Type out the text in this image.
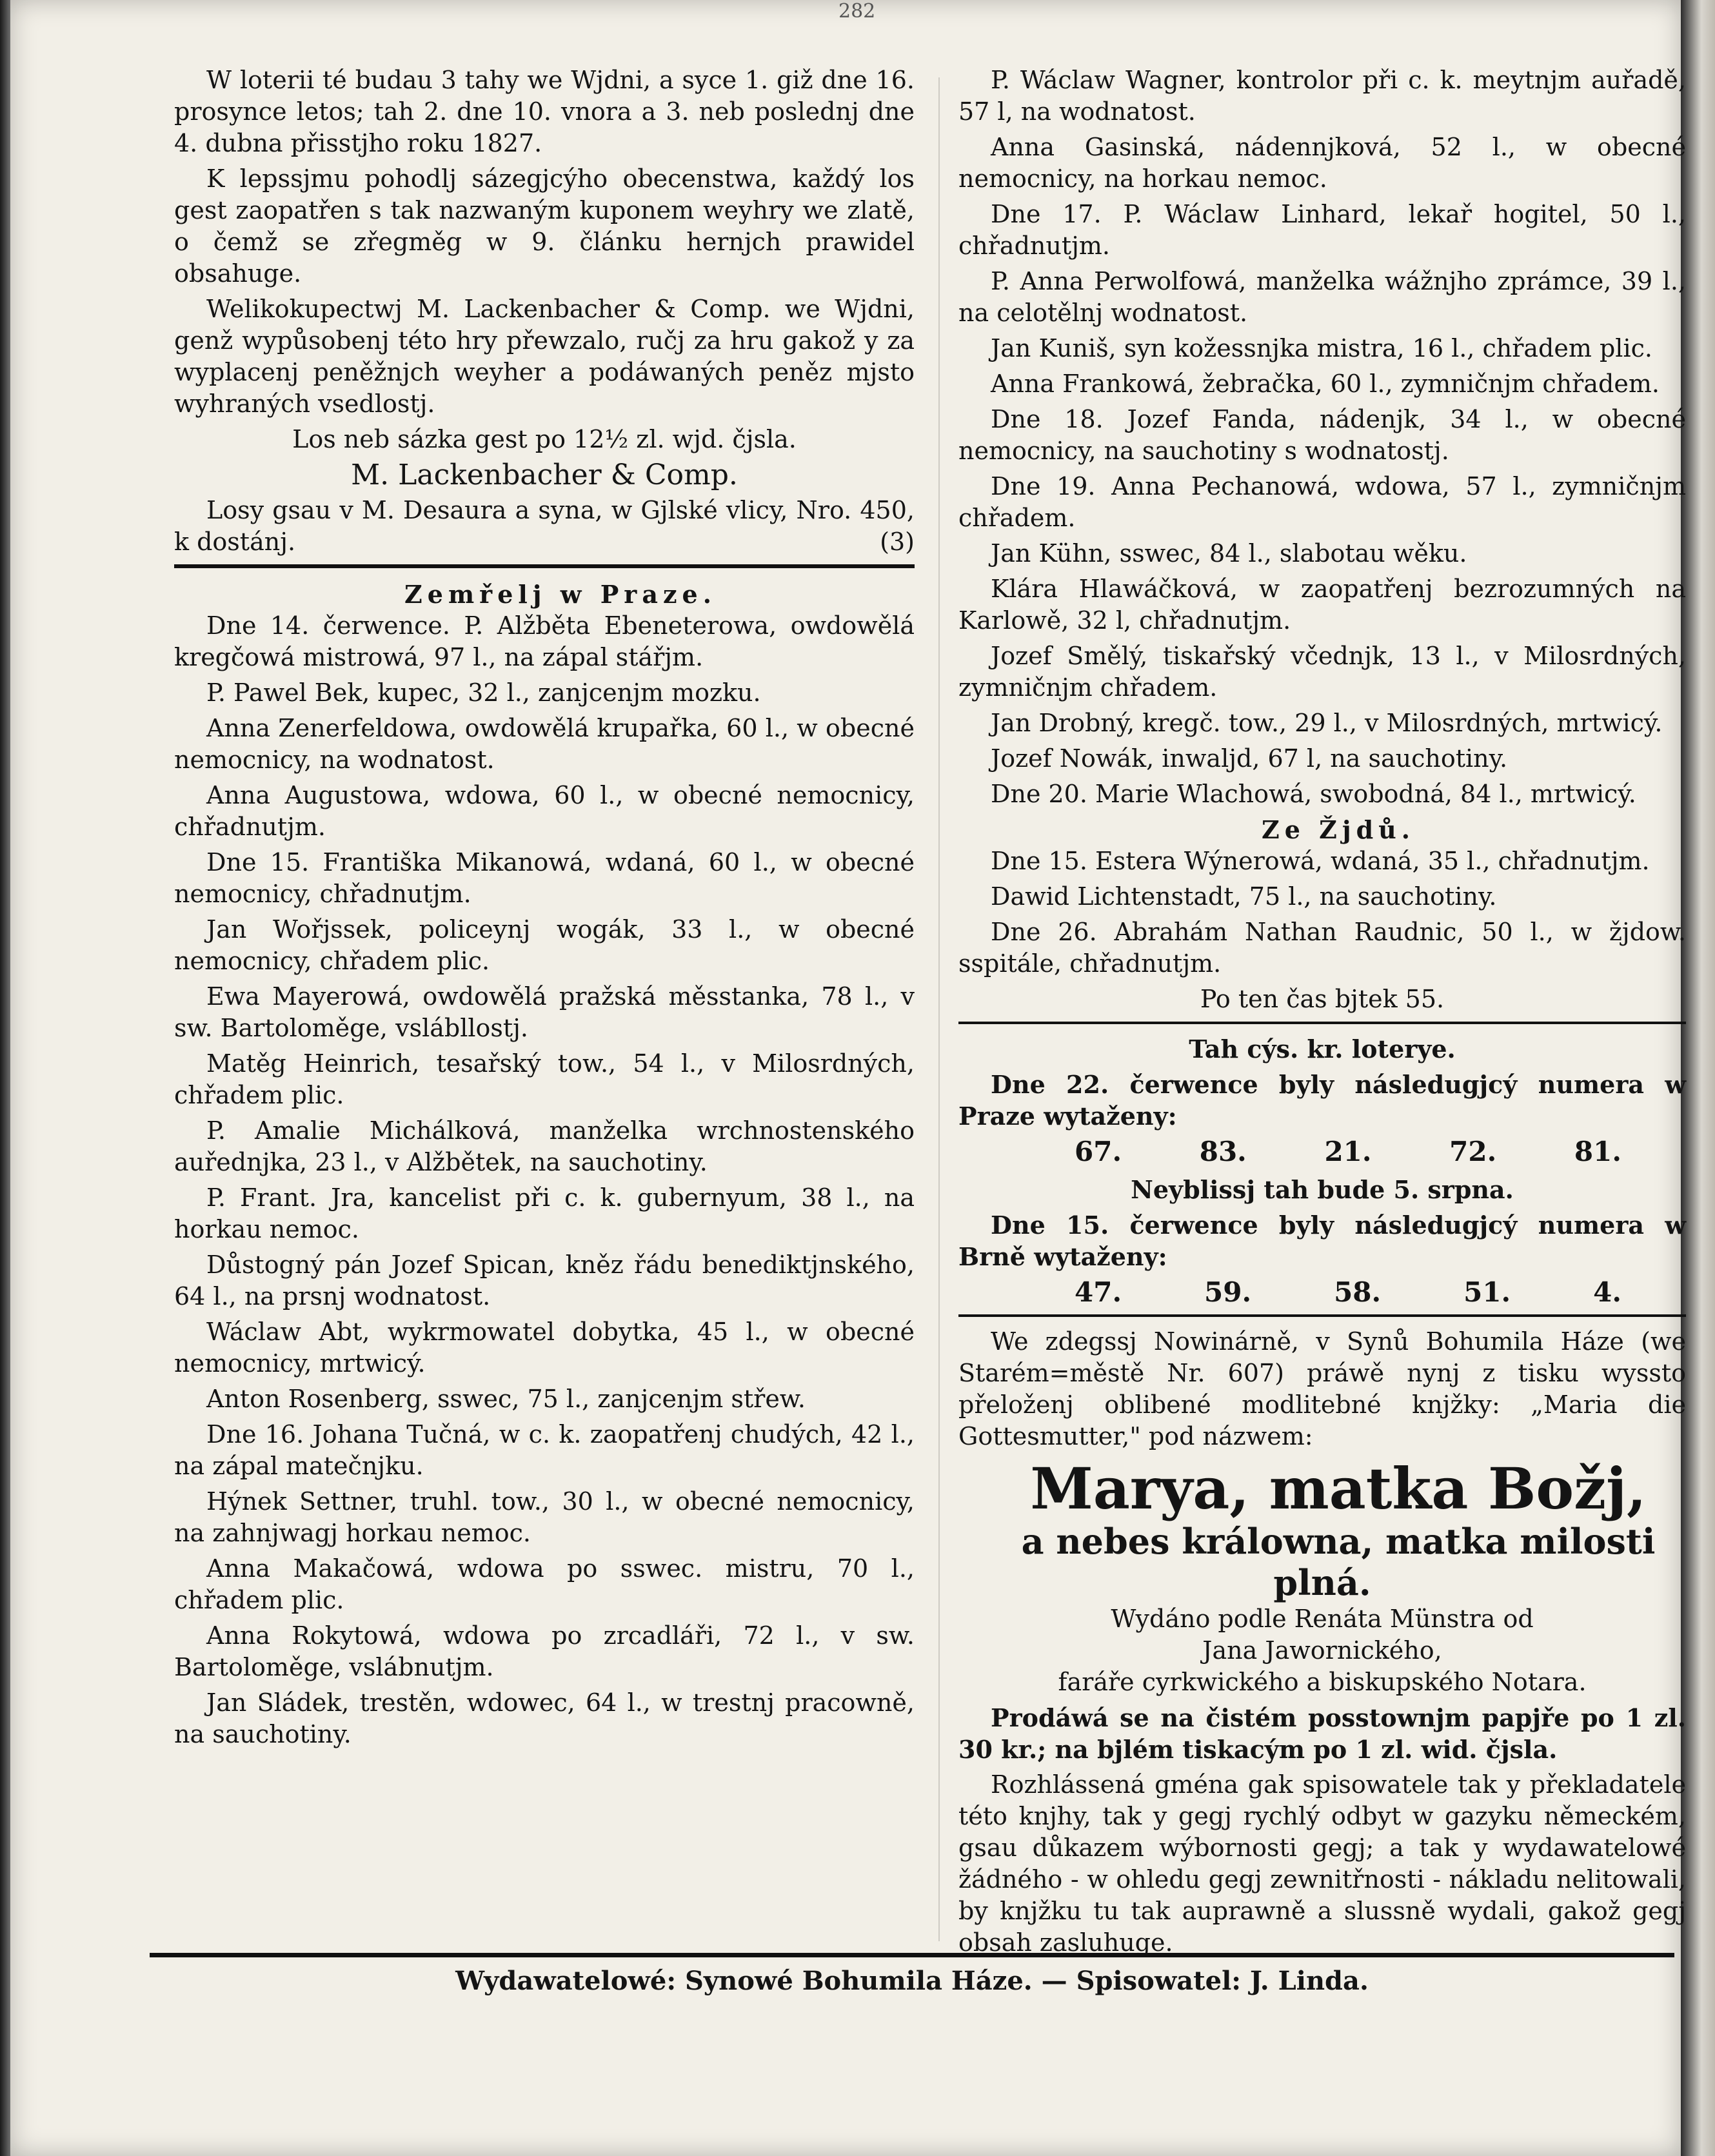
282

W loterii té budau 3 tahy we Wjdni, a syce 1. giž dne 16. prosynce letos; tah 2. dne 10. vnora a 3. neb poslednj dne 4. dubna přisstjho roku 1827.

K lepssjmu pohodlj sázegjcýho obecenstwa, každý los gest zaopatřen s tak nazwaným kuponem weyhry we zlatě, o čemž se zřegměg w 9. článku hernjch prawidel obsahuge.

Welikokupectwj M. Lackenbacher & Comp. we Wjdni, genž wypůsobenj této hry přewzalo, ručj za hru gakož y za wyplacenj peněžnjch weyher a podáwaných peněz mjsto wyhraných vsedlostj.

Los neb sázka gest po 12½ zl. wjd. čjsla.

M. Lackenbacher & Comp.

Losy gsau v M. Desaura a syna, w Gjlské vlicy, Nro. 450, k dostánj.	(3)

Zemřelj w Praze.

Dne 14. čerwence. P. Alžběta Ebeneterowa, owdowělá kregčowá mistrowá, 97 l., na zápal stářjm.

P. Pawel Bek, kupec, 32 l., zanjcenjm mozku.

Anna Zenerfeldowa, owdowělá krupařka, 60 l., w obecné nemocnicy, na wodnatost.

Anna Augustowa, wdowa, 60 l., w obecné nemocnicy, chřadnutjm.

Dne 15. Františka Mikanowá, wdaná, 60 l., w obecné nemocnicy, chřadnutjm.

Jan Wořjssek, policeynj wogák, 33 l., w obecné nemocnicy, chřadem plic.

Ewa Mayerowá, owdowělá pražská měsstanka, 78 l., v sw. Bartoloměge, vslábllostj.

Matěg Heinrich, tesařský tow., 54 l., v Milosrdných, chřadem plic.

P. Amalie Michálková, manželka wrchnostenského auřednjka, 23 l., v Alžbětek, na sauchotiny.

P. Frant. Jra, kancelist při c. k. gubernyum, 38 l., na horkau nemoc.

Důstogný pán Jozef Spican, kněz řádu benediktjnského, 64 l., na prsnj wodnatost.

Wáclaw Abt, wykrmowatel dobytka, 45 l., w obecné nemocnicy, mrtwicý.

Anton Rosenberg, sswec, 75 l., zanjcenjm střew.

Dne 16. Johana Tučná, w c. k. zaopatřenj chudých, 42 l., na zápal matečnjku.

Hýnek Settner, truhl. tow., 30 l., w obecné nemocnicy, na zahnjwagj horkau nemoc.

Anna Makačowá, wdowa po sswec. mistru, 70 l., chřadem plic.

Anna Rokytowá, wdowa po zrcadláři, 72 l., v sw. Bartoloměge, vslábnutjm.

Jan Sládek, trestěn, wdowec, 64 l., w trestnj pracowně, na sauchotiny.

P. Wáclaw Wagner, kontrolor při c. k. meytnjm auřadě, 57 l, na wodnatost.

Anna Gasinská, nádennjková, 52 l., w obecné nemocnicy, na horkau nemoc.

Dne 17. P. Wáclaw Linhard, lekař hogitel, 50 l., chřadnutjm.

P. Anna Perwolfowá, manželka wážnjho zprámce, 39 l., na celotělnj wodnatost.

Jan Kuniš, syn kožessnjka mistra, 16 l., chřadem plic.

Anna Frankowá, žebračka, 60 l., zymničnjm chřadem.

Dne 18. Jozef Fanda, nádenjk, 34 l., w obecné nemocnicy, na sauchotiny s wodnatostj.

Dne 19. Anna Pechanowá, wdowa, 57 l., zymničnjm chřadem.

Jan Kühn, sswec, 84 l., slabotau wěku.

Klára Hlawáčková, w zaopatřenj bezrozumných na Karlowě, 32 l, chřadnutjm.

Jozef Smělý, tiskařský včednjk, 13 l., v Milosrdných, zymničnjm chřadem.

Jan Drobný, kregč. tow., 29 l., v Milosrdných, mrtwicý.

Jozef Nowák, inwaljd, 67 l, na sauchotiny.

Dne 20. Marie Wlachowá, swobodná, 84 l., mrtwicý.

Ze Žjdů.

Dne 15. Estera Wýnerowá, wdaná, 35 l., chřadnutjm.

Dawid Lichtenstadt, 75 l., na sauchotiny.

Dne 26. Abrahám Nathan Raudnic, 50 l., w žjdow. sspitále, chřadnutjm.

Po ten čas bjtek 55.

Tah cýs. kr. loterye.

Dne 22. čerwence byly následugjcý numera w Praze wytaženy:

67.	83.	21.	72.	81.

Neyblissj tah bude 5. srpna.

Dne 15. čerwence byly následugjcý numera w Brně wytaženy:

47.	59.	58.	51.	4.

We zdegssj Nowinárně, v Synů Bohumila Háze (we Starém=městě Nr. 607) práwě nynj z tisku wyssto přeloženj oblibené modlitebné knjžky: „Maria die Gottesmutter," pod názwem:

Marya, matka Božj,

a nebes králowna, matka milosti plná.

Wydáno podle Renáta Münstra od

Jana Jawornického,

faráře cyrkwického a biskupského Notara.

Prodáwá se na čistém posstownjm papjře po 1 zl. 30 kr.; na bjlém tiskacým po 1 zl. wid. čjsla.

Rozhlássená gména gak spisowatele tak y překladatele této knjhy, tak y gegj rychlý odbyt w gazyku německém, gsau důkazem wýbornosti gegj; a tak y wydawatelowé žádného - w ohledu gegj zewnitřnosti - nákladu nelitowali, by knjžku tu tak auprawně a slussně wydali, gakož gegj obsah zasluhuge.

Wydawatelowé: Synowé Bohumila Háze. — Spisowatel: J. Linda.
